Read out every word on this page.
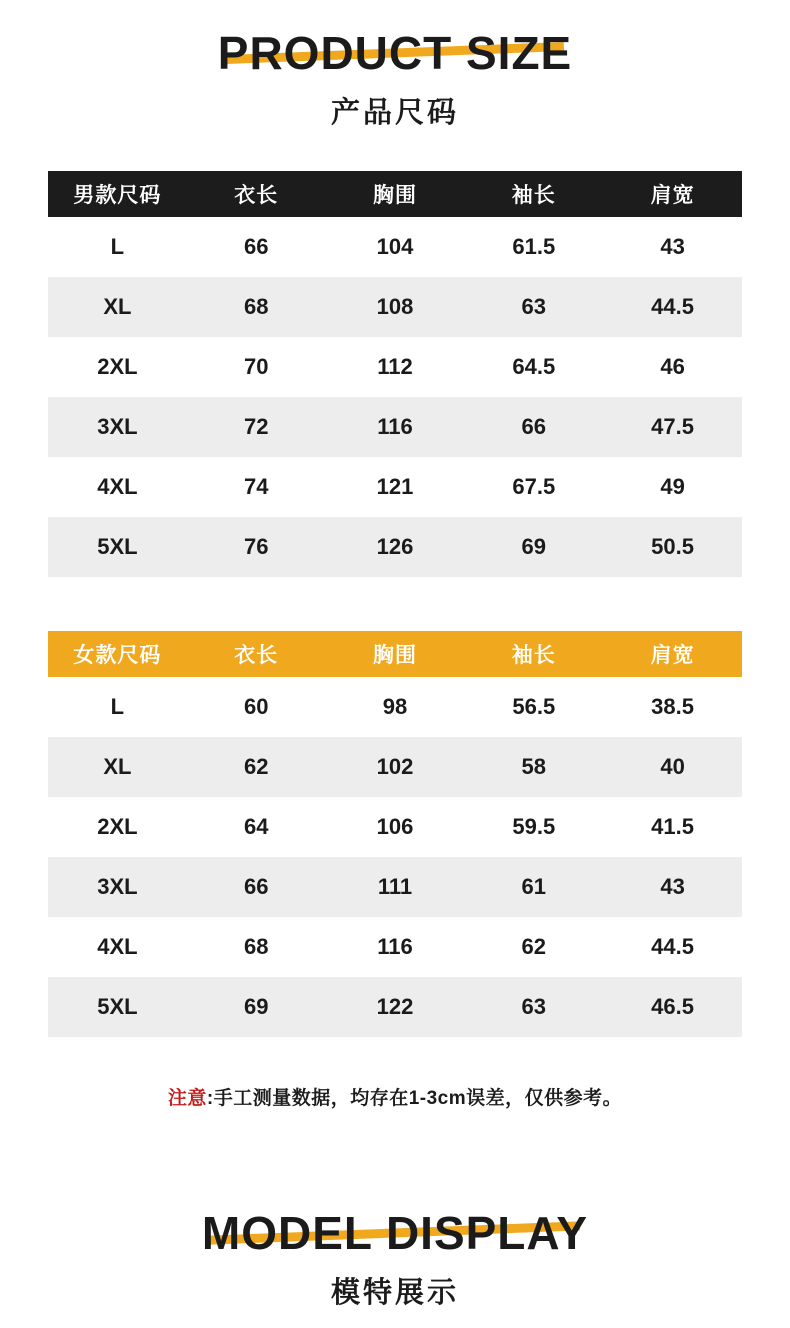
PRODUCT SIZE
产品尺码
男款尺码	衣长	胸围	袖长	肩宽
L	66	104	61.5	43
XL	68	108	63	44.5
2XL	70	112	64.5	46
3XL	72	116	66	47.5
4XL	74	121	67.5	49
5XL	76	126	69	50.5
女款尺码	衣长	胸围	袖长	肩宽
L	60	98	56.5	38.5
XL	62	102	58	40
2XL	64	106	59.5	41.5
3XL	66	111	61	43
4XL	68	116	62	44.5
5XL	69	122	63	46.5
注意:手工测量数据，均存在1-3cm误差，仅供参考。
MODEL DISPLAY
模特展示
